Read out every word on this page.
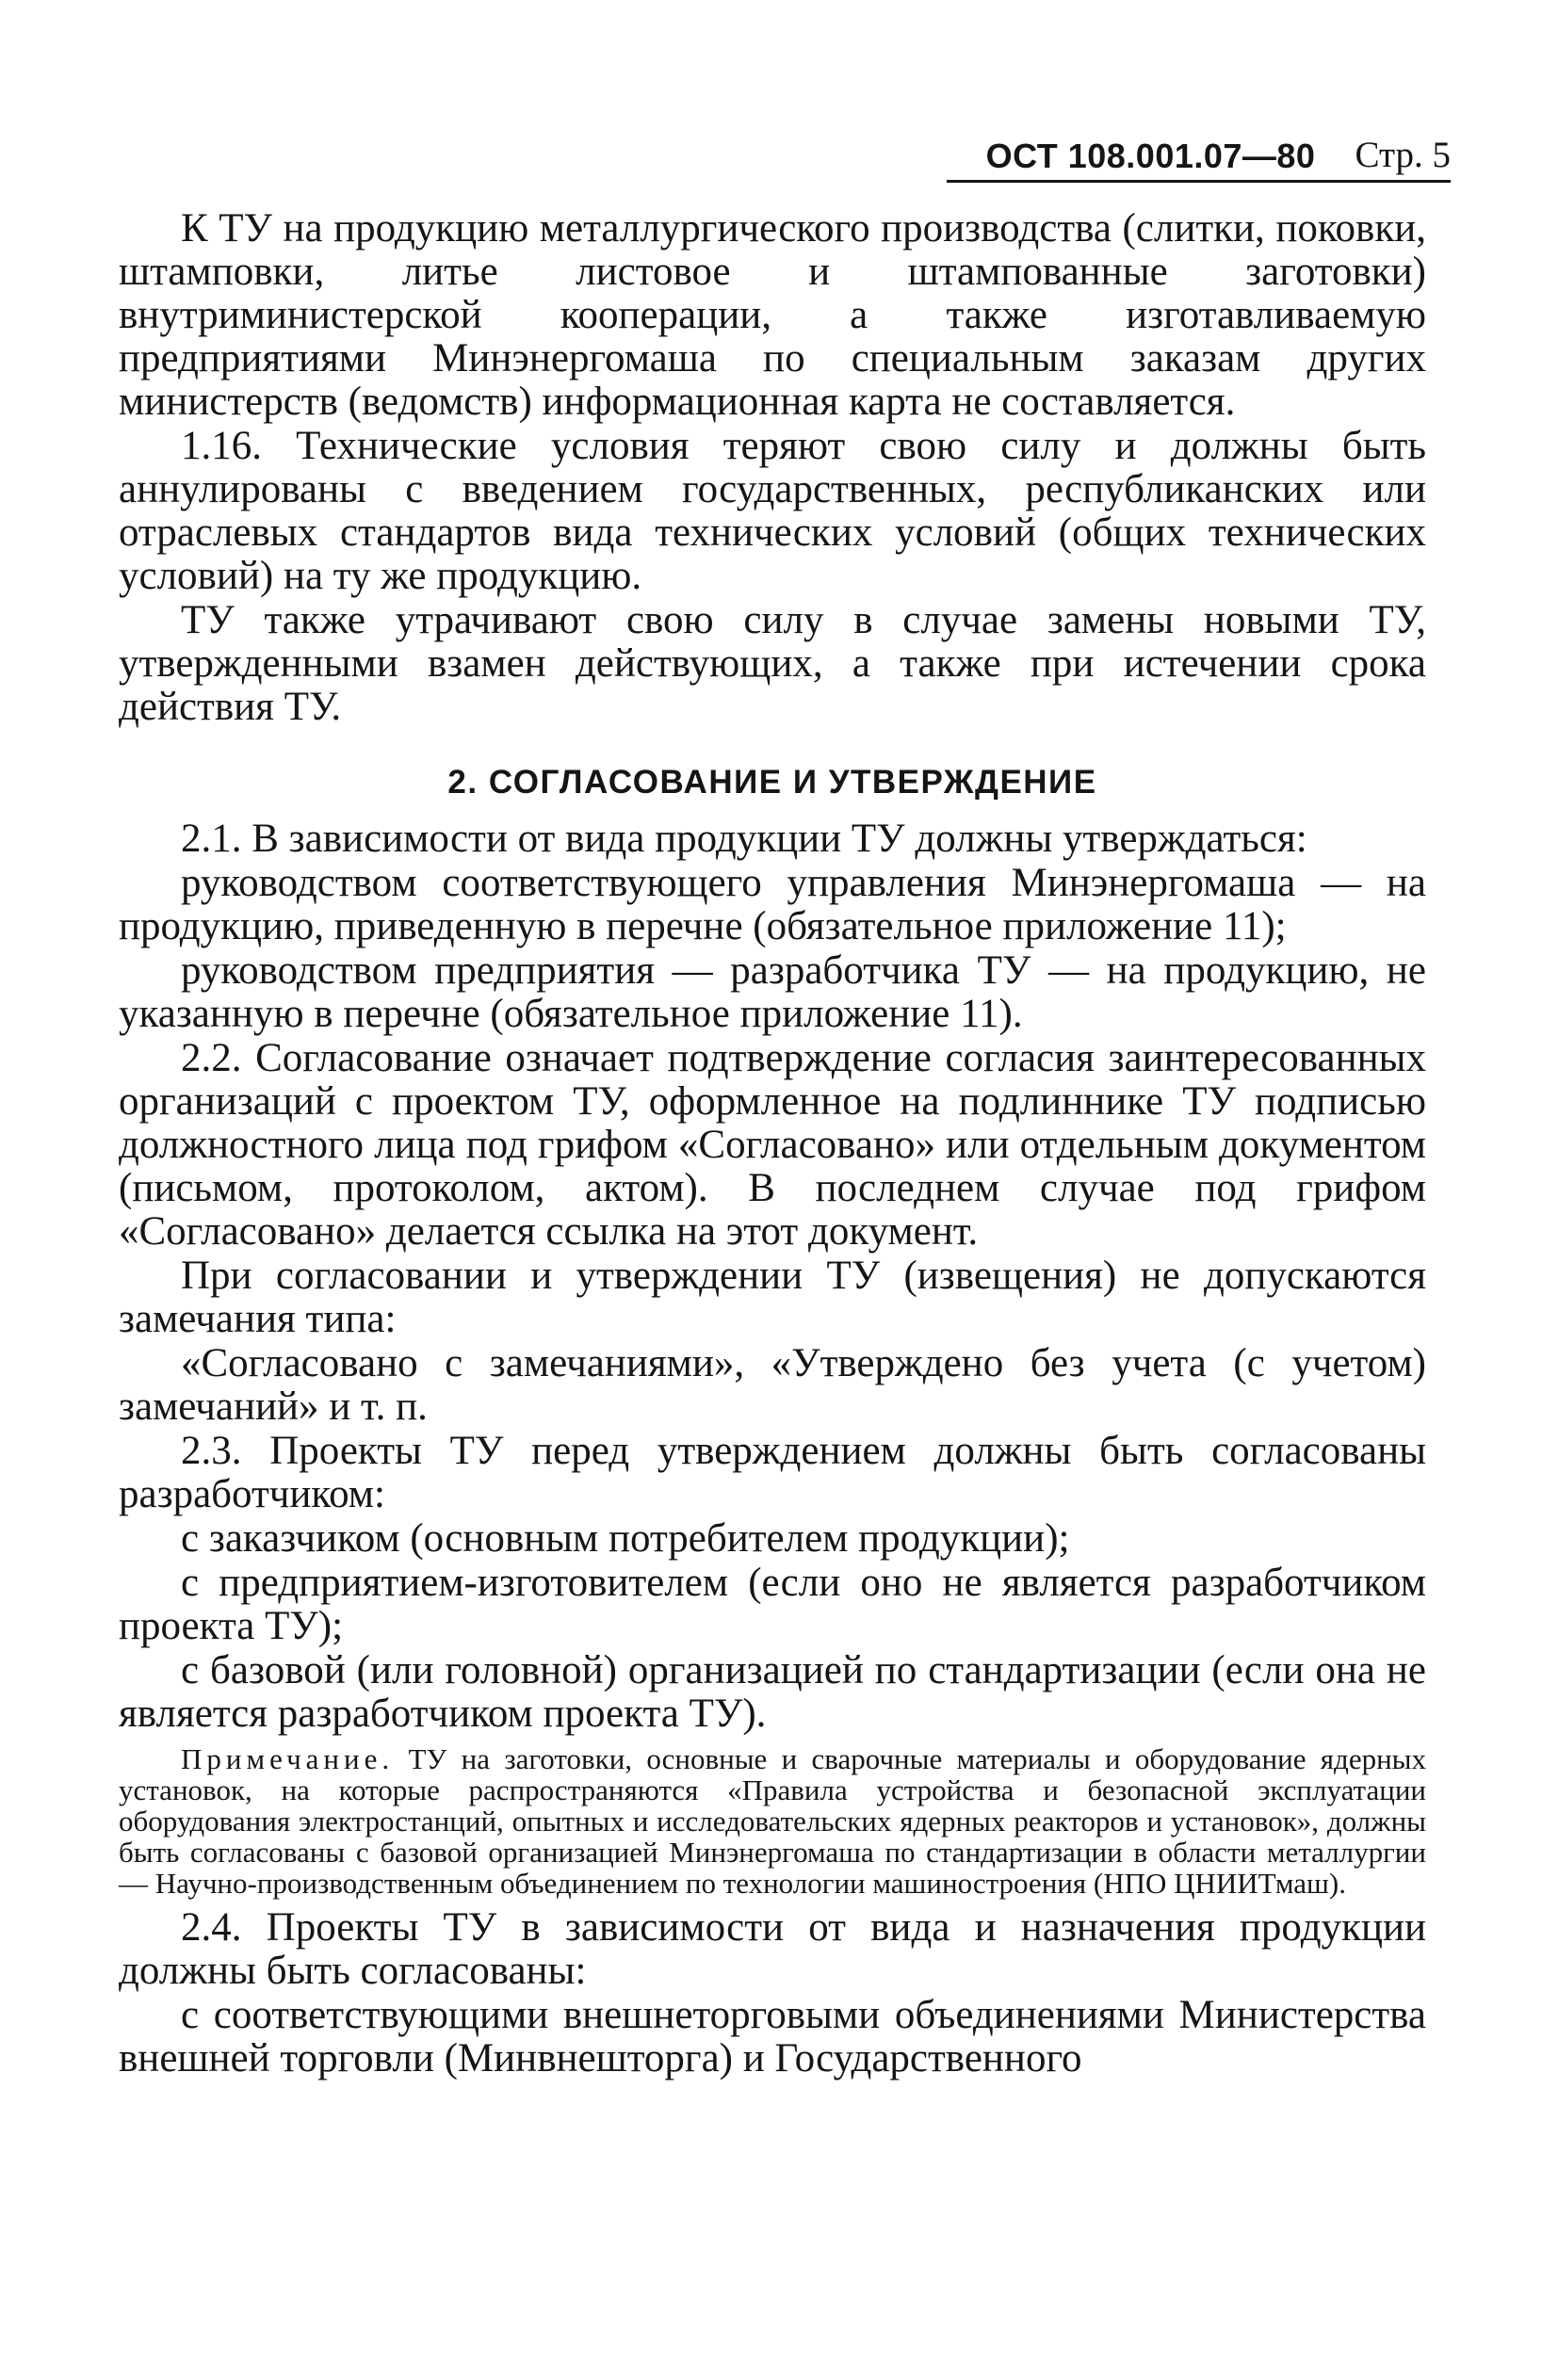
ОСТ 108.001.07—80 Стр. 5

К ТУ на продукцию металлургического производства (слитки, поковки, штамповки, литье листовое и штампованные заготовки) внутриминистерской кооперации, а также изготавливаемую предприятиями Минэнергомаша по специальным заказам других министерств (ведомств) информационная карта не составляется.

1.16. Технические условия теряют свою силу и должны быть аннулированы с введением государственных, республиканских или отраслевых стандартов вида технических условий (общих технических условий) на ту же продукцию.

ТУ также утрачивают свою силу в случае замены новыми ТУ, утвержденными взамен действующих, а также при истечении срока действия ТУ.

2. СОГЛАСОВАНИЕ И УТВЕРЖДЕНИЕ

2.1. В зависимости от вида продукции ТУ должны утверждаться:

руководством соответствующего управления Минэнергомаша — на продукцию, приведенную в перечне (обязательное приложение 11);

руководством предприятия — разработчика ТУ — на продукцию, не указанную в перечне (обязательное приложение 11).

2.2. Согласование означает подтверждение согласия заинтересованных организаций с проектом ТУ, оформленное на подлиннике ТУ подписью должностного лица под грифом «Согласовано» или отдельным документом (письмом, протоколом, актом). В последнем случае под грифом «Согласовано» делается ссылка на этот документ.

При согласовании и утверждении ТУ (извещения) не допускаются замечания типа:

«Согласовано с замечаниями», «Утверждено без учета (с учетом) замечаний» и т. п.

2.3. Проекты ТУ перед утверждением должны быть согласованы разработчиком:

с заказчиком (основным потребителем продукции);

с предприятием-изготовителем (если оно не является разработчиком проекта ТУ);

с базовой (или головной) организацией по стандартизации (если она не является разработчиком проекта ТУ).

Примечание. ТУ на заготовки, основные и сварочные материалы и оборудование ядерных установок, на которые распространяются «Правила устройства и безопасной эксплуатации оборудования электростанций, опытных и исследовательских ядерных реакторов и установок», должны быть согласованы с базовой организацией Минэнергомаша по стандартизации в области металлургии — Научно-производственным объединением по технологии машиностроения (НПО ЦНИИТмаш).

2.4. Проекты ТУ в зависимости от вида и назначения продукции должны быть согласованы:

с соответствующими внешнеторговыми объединениями Министерства внешней торговли (Минвнешторга) и Государственного
